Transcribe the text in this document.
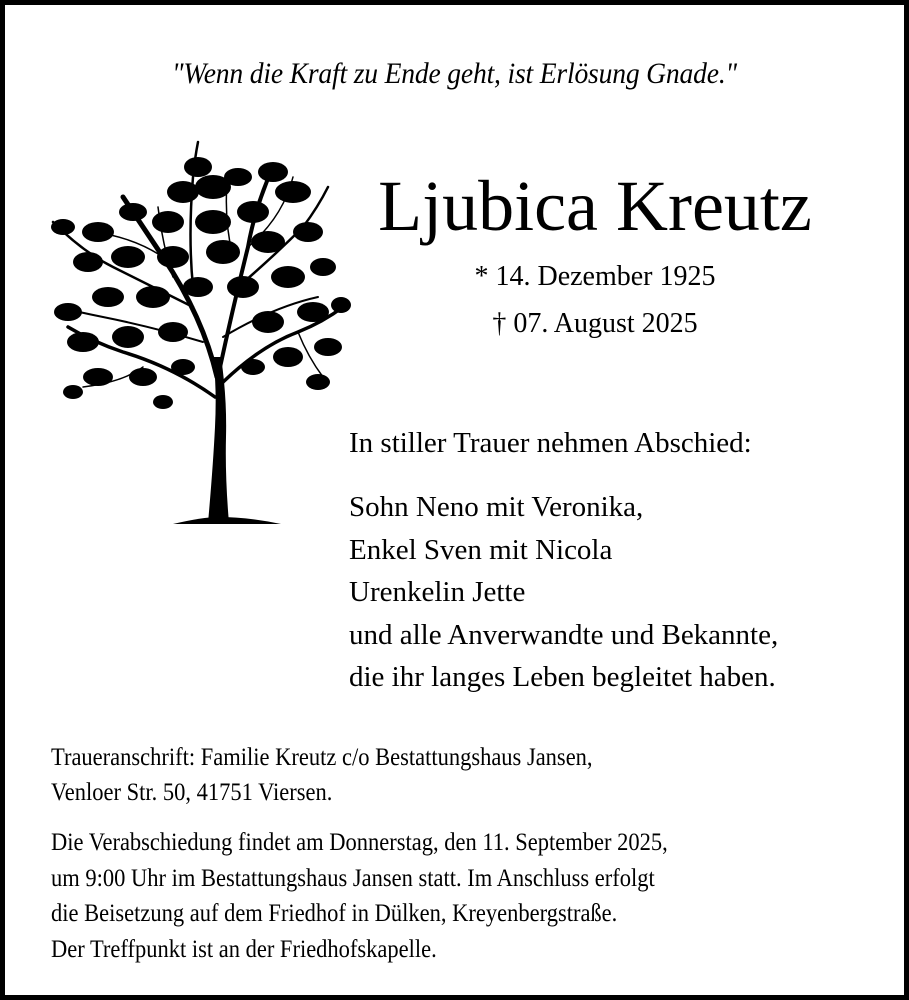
"Wenn die Kraft zu Ende geht, ist Erlösung Gnade."
Ljubica Kreutz
* 14. Dezember 1925
† 07. August 2025
In stiller Trauer nehmen Abschied:
Sohn Neno mit Veronika,
Enkel Sven mit Nicola
Urenkelin Jette
und alle Anverwandte und Bekannte,
die ihr langes Leben begleitet haben.
Traueranschrift: Familie Kreutz c/o Bestattungshaus Jansen,
Venloer Str. 50, 41751 Viersen.
Die Verabschiedung findet am Donnerstag, den 11. September 2025,
um 9:00 Uhr im Bestattungshaus Jansen statt. Im Anschluss erfolgt
die Beisetzung auf dem Friedhof in Dülken, Kreyenbergstraße.
Der Treffpunkt ist an der Friedhofskapelle.
